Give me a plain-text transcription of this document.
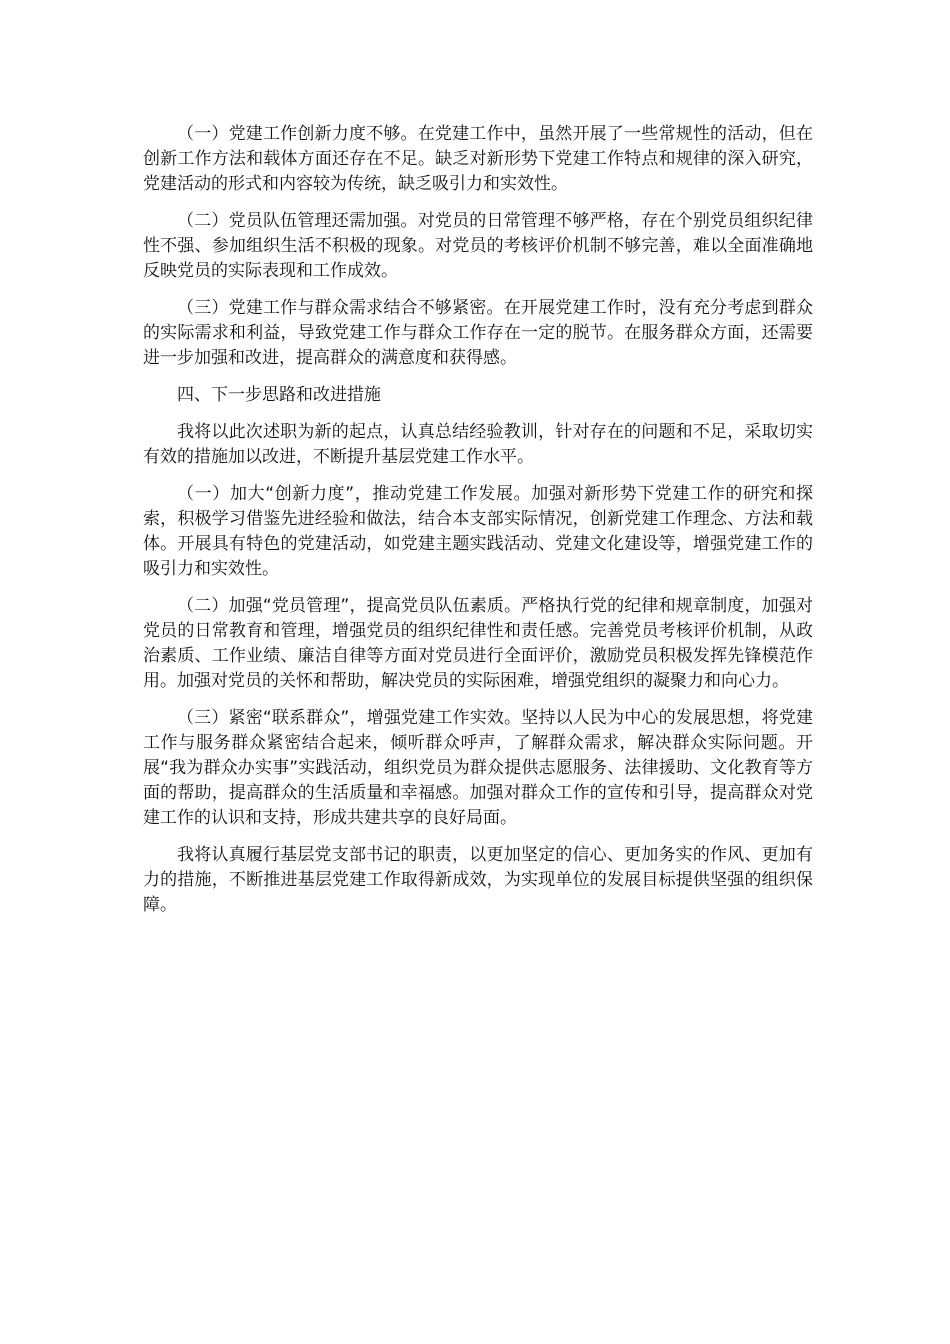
（一）党建工作创新力度不够。在党建工作中，虽然开展了一些常规性的活动，但在创新工作方法和载体方面还存在不足。缺乏对新形势下党建工作特点和规律的深入研究，党建活动的形式和内容较为传统，缺乏吸引力和实效性。

（二）党员队伍管理还需加强。对党员的日常管理不够严格，存在个别党员组织纪律性不强、参加组织生活不积极的现象。对党员的考核评价机制不够完善，难以全面准确地反映党员的实际表现和工作成效。

（三）党建工作与群众需求结合不够紧密。在开展党建工作时，没有充分考虑到群众的实际需求和利益，导致党建工作与群众工作存在一定的脱节。在服务群众方面，还需要进一步加强和改进，提高群众的满意度和获得感。

四、下一步思路和改进措施

我将以此次述职为新的起点，认真总结经验教训，针对存在的问题和不足，采取切实有效的措施加以改进，不断提升基层党建工作水平。

（一）加大“创新力度”，推动党建工作发展。加强对新形势下党建工作的研究和探索，积极学习借鉴先进经验和做法，结合本支部实际情况，创新党建工作理念、方法和载体。开展具有特色的党建活动，如党建主题实践活动、党建文化建设等，增强党建工作的吸引力和实效性。

（二）加强“党员管理”，提高党员队伍素质。严格执行党的纪律和规章制度，加强对党员的日常教育和管理，增强党员的组织纪律性和责任感。完善党员考核评价机制，从政治素质、工作业绩、廉洁自律等方面对党员进行全面评价，激励党员积极发挥先锋模范作用。加强对党员的关怀和帮助，解决党员的实际困难，增强党组织的凝聚力和向心力。

（三）紧密“联系群众”，增强党建工作实效。坚持以人民为中心的发展思想，将党建工作与服务群众紧密结合起来，倾听群众呼声，了解群众需求，解决群众实际问题。开展“我为群众办实事”实践活动，组织党员为群众提供志愿服务、法律援助、文化教育等方面的帮助，提高群众的生活质量和幸福感。加强对群众工作的宣传和引导，提高群众对党建工作的认识和支持，形成共建共享的良好局面。

我将认真履行基层党支部书记的职责，以更加坚定的信心、更加务实的作风、更加有力的措施，不断推进基层党建工作取得新成效，为实现单位的发展目标提供坚强的组织保障。
